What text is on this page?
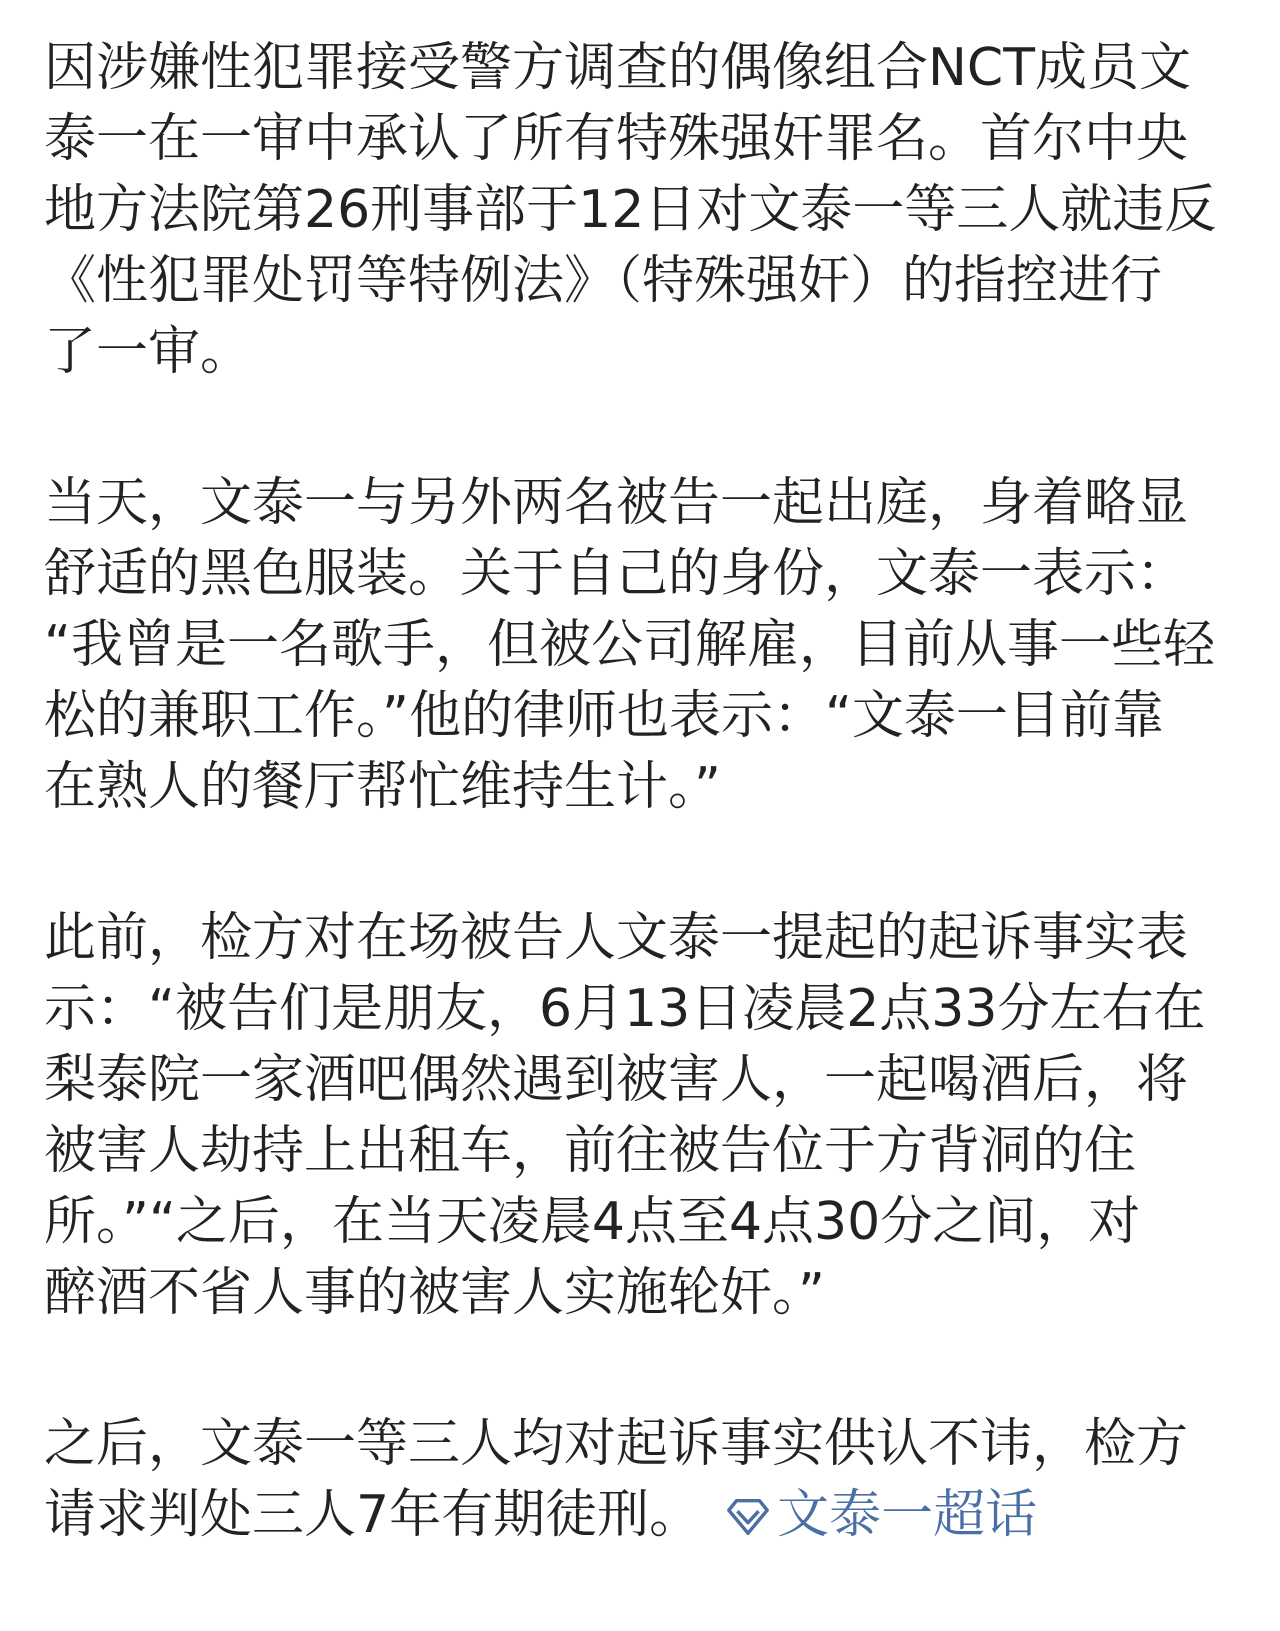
因涉嫌性犯罪接受警方调查的偶像组合NCT成员文
泰一在一审中承认了所有特殊强奸罪名。首尔中央
地方法院第26刑事部于12日对文泰一等三人就违反
《性犯罪处罚等特例法》（特殊强奸）的指控进行
了一审。
当天，文泰一与另外两名被告一起出庭，身着略显
舒适的黑色服装。关于自己的身份，文泰一表示：
“我曾是一名歌手，但被公司解雇，目前从事一些轻
松的兼职工作。”他的律师也表示：“文泰一目前靠
在熟人的餐厅帮忙维持生计。”
此前，检方对在场被告人文泰一提起的起诉事实表
示：“被告们是朋友，6月13日凌晨2点33分左右在
梨泰院一家酒吧偶然遇到被害人，一起喝酒后，将
被害人劫持上出租车，前往被告位于方背洞的住
所。”“之后，在当天凌晨4点至4点30分之间，对
醉酒不省人事的被害人实施轮奸。”
之后，文泰一等三人均对起诉事实供认不讳，检方
请求判处三人7年有期徒刑。 文泰一超话
